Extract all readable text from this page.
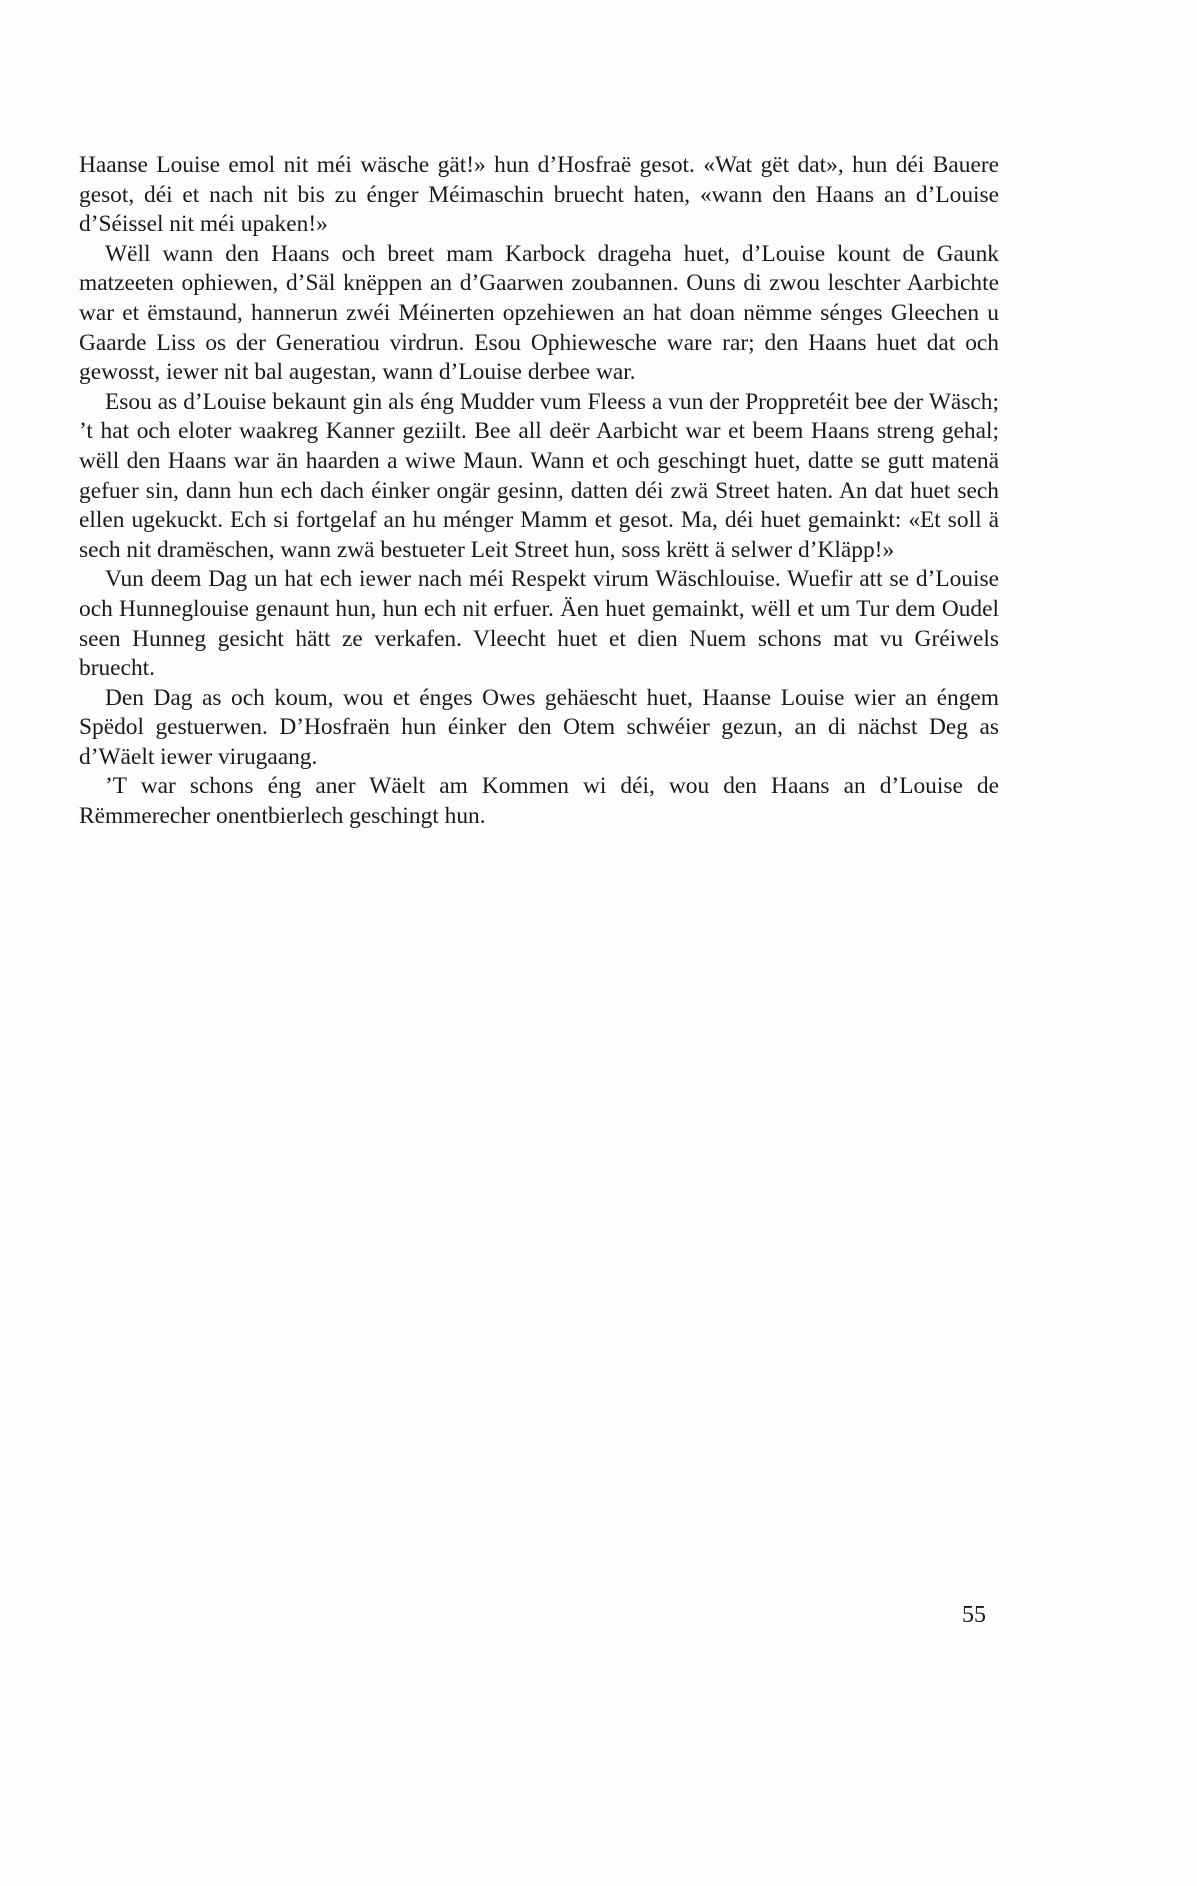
Haanse Louise emol nit méi wäsche gät!» hun d’Hosfraë gesot. «Wat gët dat», hun déi Bauere gesot, déi et nach nit bis zu énger Méimaschin bruecht haten, «wann den Haans an d’Louise d’Séissel nit méi upaken!»

Wëll wann den Haans och breet mam Karbock drageha huet, d’Louise kount de Gaunk matzeeten ophiewen, d’Säl knëppen an d’Gaarwen zoubannen. Ouns di zwou leschter Aarbichte war et ëmstaund, hannerun zwéi Méinerten opzehiewen an hat doan nëmme sénges Gleechen u Gaarde Liss os der Generatiou virdrun. Esou Ophiewesche ware rar; den Haans huet dat och gewosst, iewer nit bal augestan, wann d’Louise derbee war.

Esou as d’Louise bekaunt gin als éng Mudder vum Fleess a vun der Proppretéit bee der Wäsch; ’t hat och eloter waakreg Kanner geziilt. Bee all deër Aarbicht war et beem Haans streng gehal; wëll den Haans war än haarden a wiwe Maun. Wann et och geschingt huet, datte se gutt matenä gefuer sin, dann hun ech dach éinker ongär gesinn, datten déi zwä Street haten. An dat huet sech ellen ugekuckt. Ech si fortgelaf an hu ménger Mamm et gesot. Ma, déi huet gemainkt: «Et soll ä sech nit dramëschen, wann zwä bestueter Leit Street hun, soss krëtt ä selwer d’Kläpp!»

Vun deem Dag un hat ech iewer nach méi Respekt virum Wäschlouise. Wuefir att se d’Louise och Hunneglouise genaunt hun, hun ech nit erfuer. Äen huet gemainkt, wëll et um Tur dem Oudel seen Hunneg gesicht hätt ze verkafen. Vleecht huet et dien Nuem schons mat vu Gréiwels bruecht.

Den Dag as och koum, wou et énges Owes gehäescht huet, Haanse Louise wier an éngem Spëdol gestuerwen. D’Hosfraën hun éinker den Otem schwéier gezun, an di nächst Deg as d’Wäelt iewer virugaang.

’T war schons éng aner Wäelt am Kommen wi déi, wou den Haans an d’Louise de Rëmmerecher onentbierlech geschingt hun.

55
